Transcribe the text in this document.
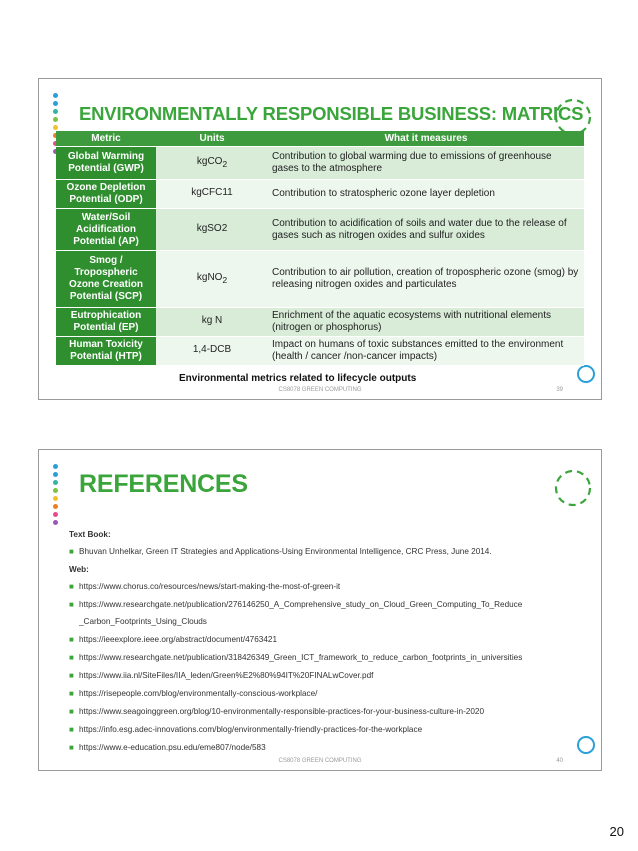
ENVIRONMENTALLY RESPONSIBLE BUSINESS: MATRICS
Metric	Units	What it measures
Global Warming Potential (GWP)	kgCO$_2$	Contribution to global warming due to emissions of greenhouse gases to the atmosphere
Ozone Depletion Potential (ODP)	kgCFC11	Contribution to stratospheric ozone layer depletion
Water/Soil Acidification Potential (AP)	kgSO2	Contribution to acidification of soils and water due to the release of gases such as nitrogen oxides and sulfur oxides
Smog / Tropospheric Ozone Creation Potential (SCP)	kgNO$_2$	Contribution to air pollution, creation of tropospheric ozone (smog) by releasing nitrogen oxides and particulates
Eutrophication Potential (EP)	kg N	Enrichment of the aquatic ecosystems with nutritional elements (nitrogen or phosphorus)
Human Toxicity Potential (HTP)	1,4-DCB	Impact on humans of toxic substances emitted to the environment (health / cancer /non-cancer impacts)
Environmental metrics related to lifecycle outputs
CS8078 GREEN COMPUTING	39
REFERENCES

Text Book:

■ Bhuvan Unhelkar, Green IT Strategies and Applications-Using Environmental Intelligence, CRC Press, June 2014.

Web:

■ https://www.chorus.co/resources/news/start-making-the-most-of-green-it
■ https://www.researchgate.net/publication/276146250_A_Comprehensive_study_on_Cloud_Green_Computing_To_Reduce
_Carbon_Footprints_Using_Clouds
■ https://ieeexplore.ieee.org/abstract/document/4763421
■ https://www.researchgate.net/publication/318426349_Green_ICT_framework_to_reduce_carbon_footprints_in_universities
■ https://www.iia.nl/SiteFiles/IIA_leden/Green%E2%80%94IT%20FINALwCover.pdf
■ https://risepeople.com/blog/environmentally-conscious-workplace/
■ https://www.seagoinggreen.org/blog/10-environmentally-responsible-practices-for-your-business-culture-in-2020
■ https://info.esg.adec-innovations.com/blog/environmentally-friendly-practices-for-the-workplace
■ https://www.e-education.psu.edu/eme807/node/583
CS8078 GREEN COMPUTING	40
20
